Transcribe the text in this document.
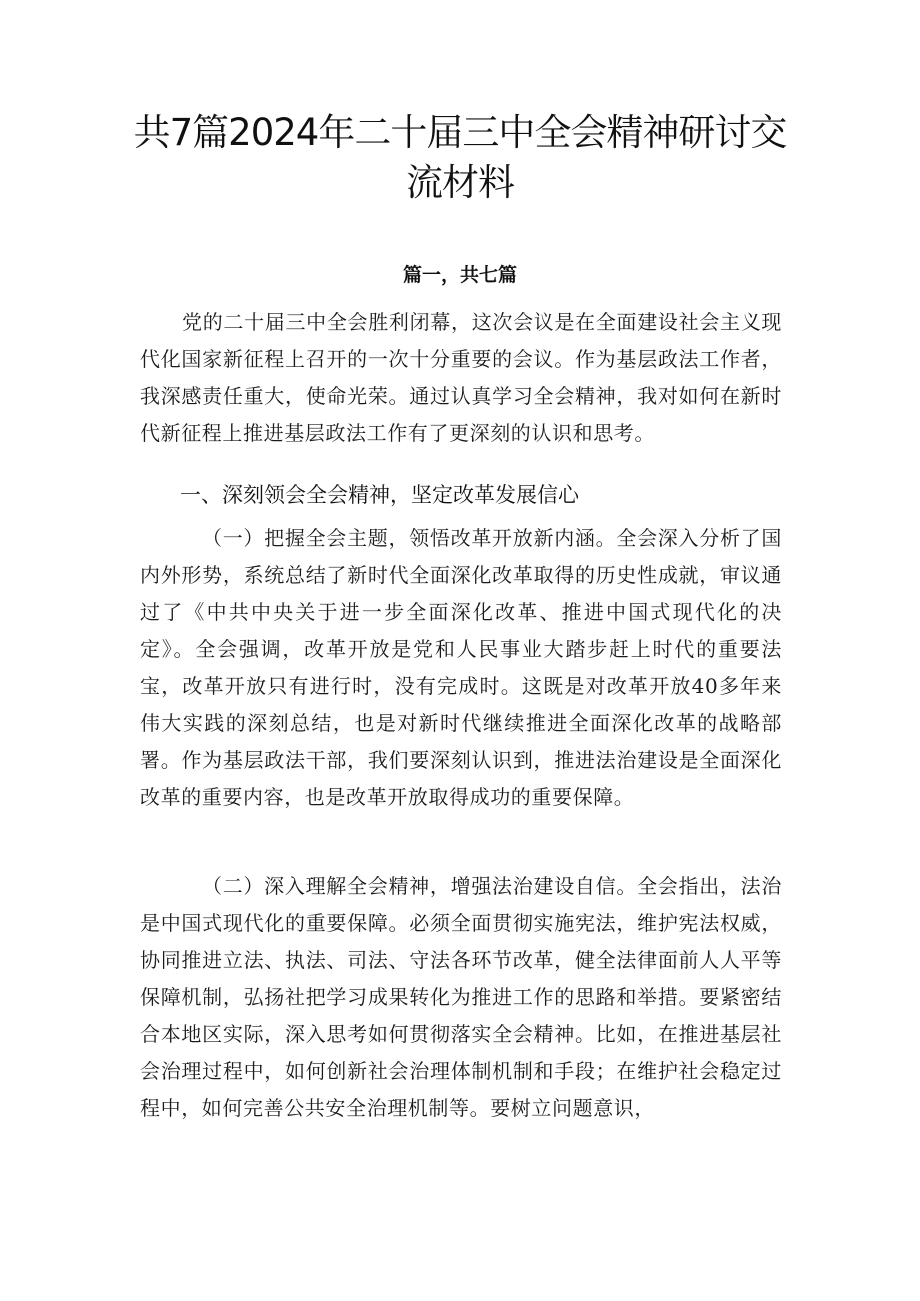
共7篇2024年二十届三中全会精神研讨交
流材料
篇一，共七篇

党的二十届三中全会胜利闭幕，这次会议是在全面建设社会主义现代化国家新征程上召开的一次十分重要的会议。作为基层政法工作者，我深感责任重大，使命光荣。通过认真学习全会精神，我对如何在新时代新征程上推进基层政法工作有了更深刻的认识和思考。

一、深刻领会全会精神，坚定改革发展信心

（一）把握全会主题，领悟改革开放新内涵。全会深入分析了国内外形势，系统总结了新时代全面深化改革取得的历史性成就，审议通过了《中共中央关于进一步全面深化改革、推进中国式现代化的决定》。全会强调，改革开放是党和人民事业大踏步赶上时代的重要法宝，改革开放只有进行时，没有完成时。这既是对改革开放40多年来伟大实践的深刻总结，也是对新时代继续推进全面深化改革的战略部署。作为基层政法干部，我们要深刻认识到，推进法治建设是全面深化改革的重要内容，也是改革开放取得成功的重要保障。

（二）深入理解全会精神，增强法治建设自信。全会指出，法治是中国式现代化的重要保障。必须全面贯彻实施宪法，维护宪法权威，协同推进立法、执法、司法、守法各环节改革，健全法律面前人人平等保障机制，弘扬社把学习成果转化为推进工作的思路和举措。要紧密结合本地区实际，深入思考如何贯彻落实全会精神。比如，在推进基层社会治理过程中，如何创新社会治理体制机制和手段；在维护社会稳定过程中，如何完善公共安全治理机制等。要树立问题意识，
